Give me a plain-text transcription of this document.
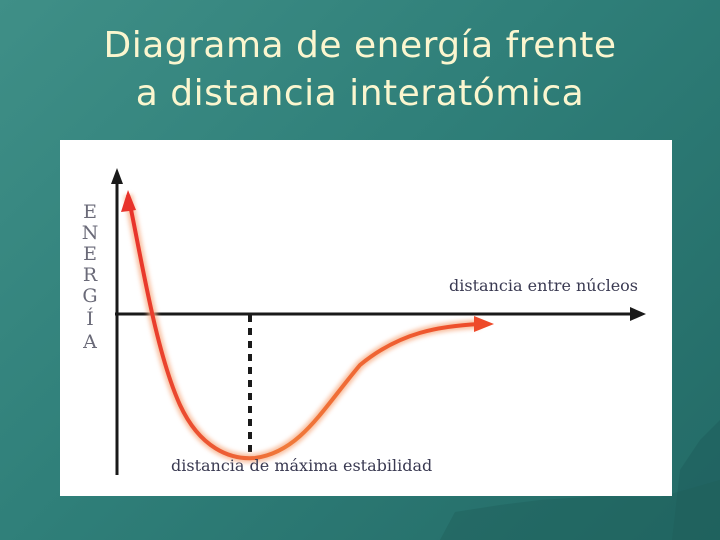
Diagrama de energía frente
a distancia interatómica
E
N
E
R
G
Í
A
distancia entre núcleos
distancia de máxima estabilidad
